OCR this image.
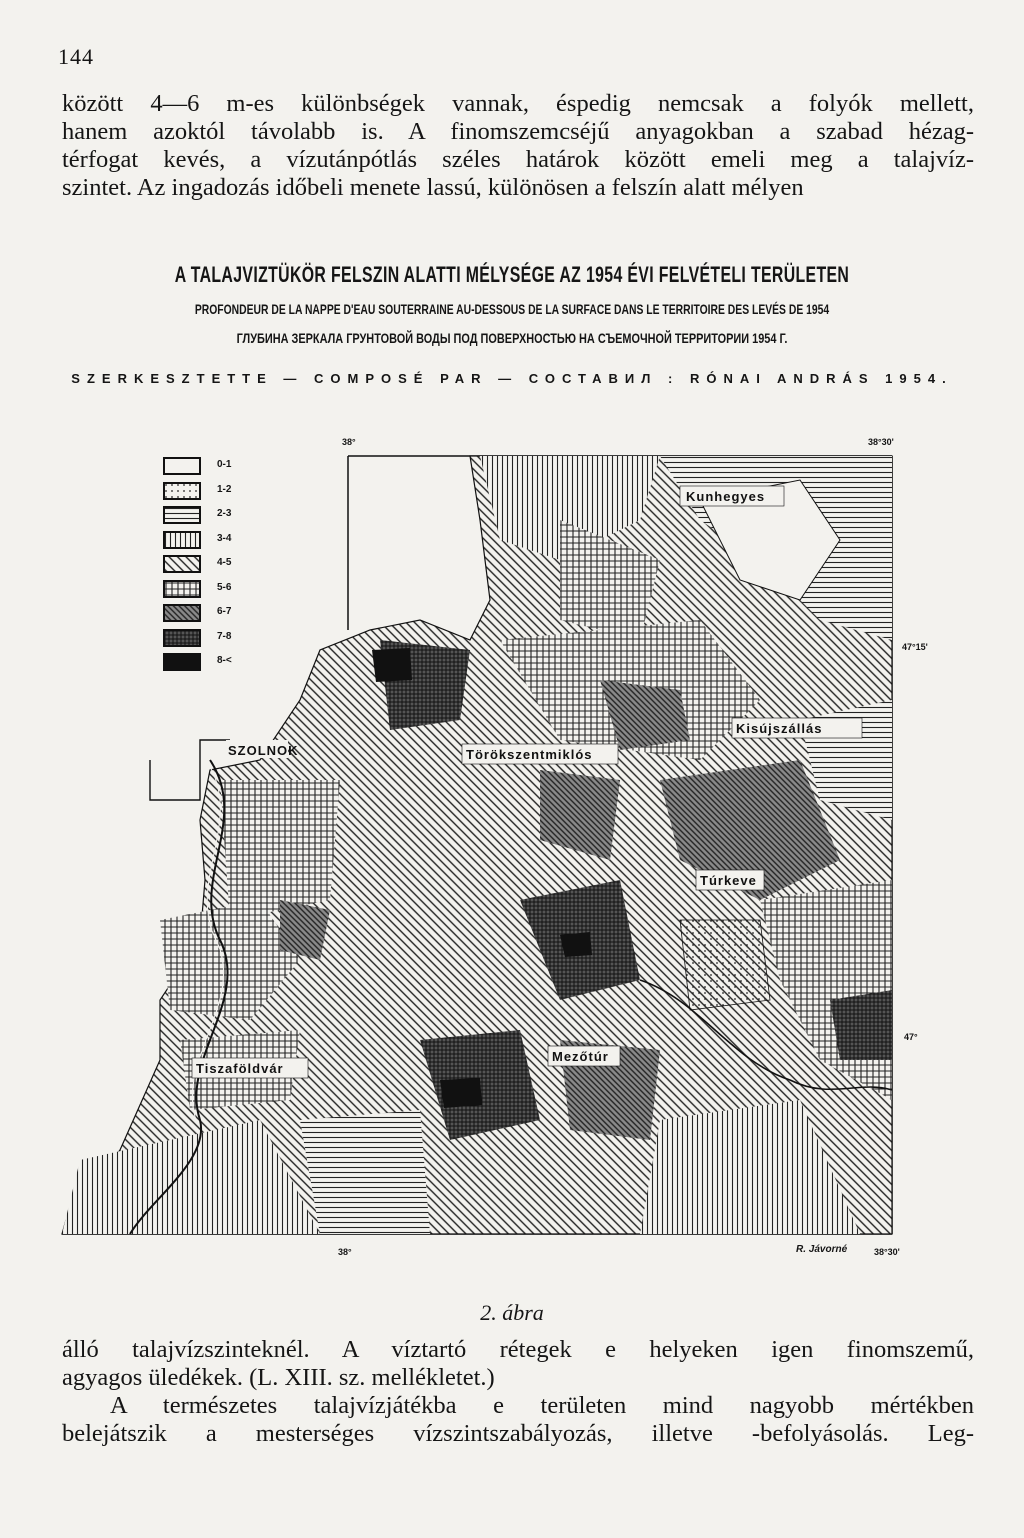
144
között 4—6 m-es különbségek vannak, éspedig nemcsak a folyók mellett,
hanem azoktól távolabb is. A finomszemcséjű anyagokban a szabad hézag-
térfogat kevés, a vízutánpótlás széles határok között emeli meg a talajvíz-
szintet. Az ingadozás időbeli menete lassú, különösen a felszín alatt mélyen
A TALAJVIZTÜKÖR FELSZIN ALATTI MÉLYSÉGE AZ 1954 ÉVI FELVÉTELI TERÜLETEN
PROFONDEUR DE LA NAPPE D'EAU SOUTERRAINE AU-DESSOUS DE LA SURFACE DANS LE TERRITOIRE DES LEVÉS DE 1954
ГЛУБИНА ЗЕРКАЛА ГРУНТОВОЙ ВОДЫ ПОД ПОВЕРХНОСТЬЮ НА СЪЕМОЧНОЙ ТЕРРИТОРИИ 1954 Г.
SZERKESZTETTE — COMPOSÉ PAR — СОСТАВИЛ : RÓNAI ANDRÁS 1954.
38°	38°30'
47°15'
47°
38°	38°30'
R. Jávorné
0-1
1-2
2-3
3-4
4-5
5-6
6-7
7-8
8-<
Kunhegyes
Kisújszállás
SZOLNOK	Törökszentmiklós
Túrkeve
Mezőtúr
Tiszaföldvár
2. ábra
álló talajvízszinteknél. A víztartó rétegek e helyeken igen finomszemű,
agyagos üledékek. (L. XIII. sz. mellékletet.)
A természetes talajvízjátékba e területen mind nagyobb mértékben
belejátszik a mesterséges vízszintszabályozás, illetve -befolyásolás. Leg-
